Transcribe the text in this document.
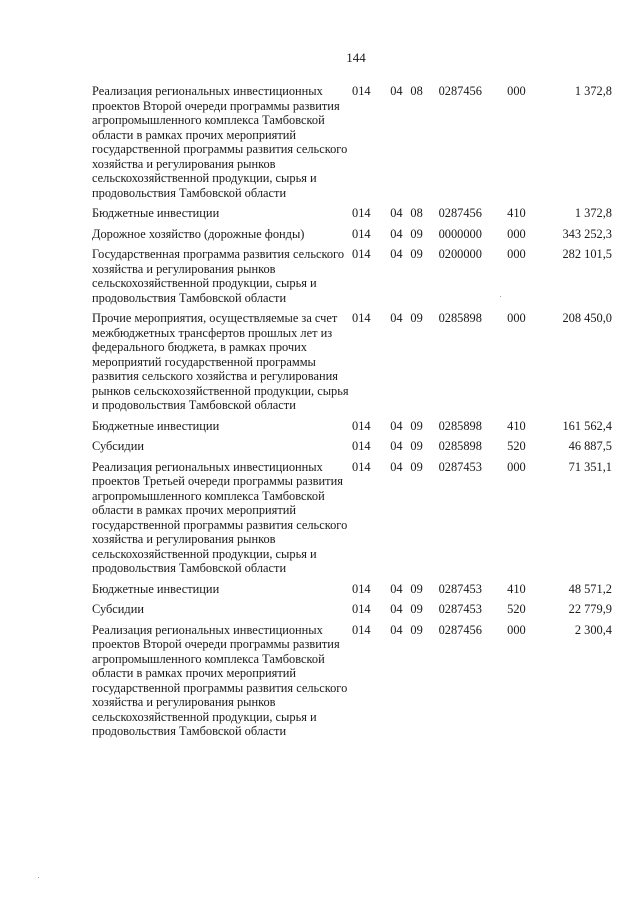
144
Реализация региональных инвестиционных проектов Второй очереди программы развития агропромышленного комплекса Тамбовской области в рамках прочих мероприятий государственной программы развития сельского хозяйства и регулирования рынков сельскохозяйственной продукции, сырья и продовольствия Тамбовской области	014	04	08	0287456	000	1 372,8
Бюджетные инвестиции	014	04	08	0287456	410	1 372,8
Дорожное хозяйство (дорожные фонды)	014	04	09	0000000	000	343 252,3
Государственная программа развития сельского хозяйства и регулирования рынков сельскохозяйственной продукции, сырья и продовольствия Тамбовской области	014	04	09	0200000	000	282 101,5
Прочие мероприятия, осуществляемые за счет межбюджетных трансфертов прошлых лет из федерального бюджета, в рамках прочих мероприятий государственной программы развития сельского хозяйства и регулирования рынков сельскохозяйственной продукции, сырья и продовольствия Тамбовской области	014	04	09	0285898	000	208 450,0
Бюджетные инвестиции	014	04	09	0285898	410	161 562,4
Субсидии	014	04	09	0285898	520	46 887,5
Реализация региональных инвестиционных проектов Третьей очереди программы развития агропромышленного комплекса Тамбовской области в рамках прочих мероприятий государственной программы развития сельского хозяйства и регулирования рынков сельскохозяйственной продукции, сырья и продовольствия Тамбовской области	014	04	09	0287453	000	71 351,1
Бюджетные инвестиции	014	04	09	0287453	410	48 571,2
Субсидии	014	04	09	0287453	520	22 779,9
Реализация региональных инвестиционных проектов Второй очереди программы развития агропромышленного комплекса Тамбовской области в рамках прочих мероприятий государственной программы развития сельского хозяйства и регулирования рынков сельскохозяйственной продукции, сырья и продовольствия Тамбовской области	014	04	09	0287456	000	2 300,4
